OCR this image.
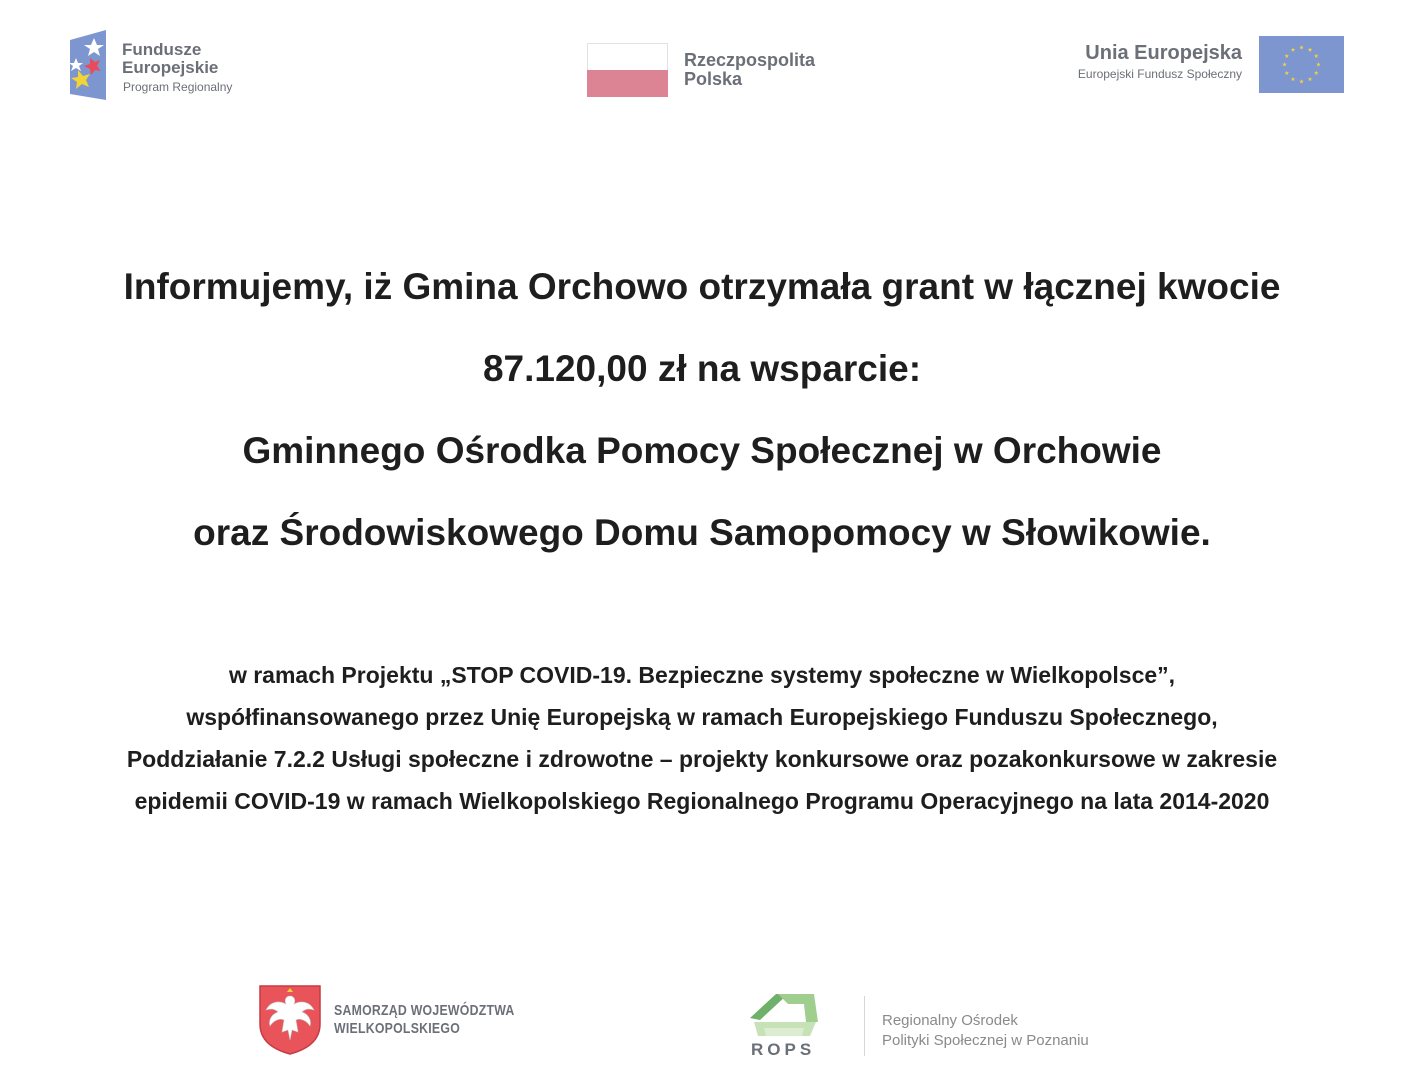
Fundusze
Europejskie
Program Regionalny
Rzeczpospolita
Polska
Unia Europejska
Europejski Fundusz Społeczny
Informujemy, iż Gmina Orchowo otrzymała grant w łącznej kwocie
87.120,00 zł na wsparcie:
Gminnego Ośrodka Pomocy Społecznej w Orchowie
oraz Środowiskowego Domu Samopomocy w Słowikowie.
w ramach Projektu „STOP COVID-19. Bezpieczne systemy społeczne w Wielkopolsce”,
współfinansowanego przez Unię Europejską w ramach Europejskiego Funduszu Społecznego,
Poddziałanie 7.2.2 Usługi społeczne i zdrowotne – projekty konkursowe oraz pozakonkursowe w zakresie
epidemii COVID-19 w ramach Wielkopolskiego Regionalnego Programu Operacyjnego na lata 2014-2020
SAMORZĄD WOJEWÓDZTWA
WIELKOPOLSKIEGO
ROPS
Regionalny Ośrodek
Polityki Społecznej w Poznaniu
